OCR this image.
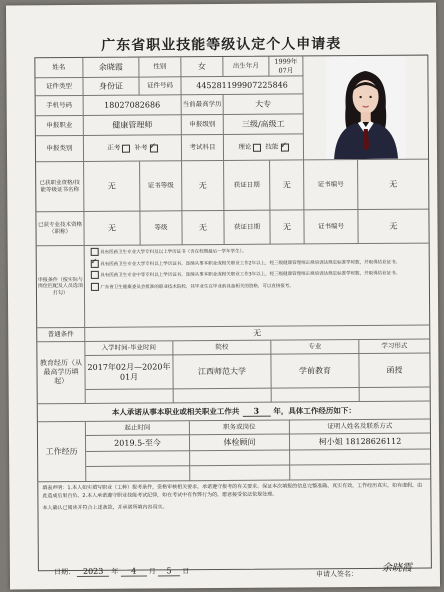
广东省职业技能等级认定个人申请表
姓名	余晓霞	性别	女	出生年月
1999年07月
证件类型	身份证	证件号码	445281199907225846
手机号码	18027082686	当前最高学历	大专
申报职业	健康管理师	申报级别	三级/高级工
申报类别	正考
补考
✓	考试科目	理论
技能
✓
已获职业资格/技能等级证书名称	无	证书等级	无	获证日期	无	证书编号	无
已获专业技术资格（职称）	无	等级	无	获证日期	无	证书编号	无
申报条件（按实际与岗位匹配及人员选项打勾）
具有医药卫生专业大学专科及以上学历证书（含在校期最后一学年学生）。
✓ 具有医药卫生专业大学专科以上学历证书，连续从事本职业或相关职业工作2年以上，经三级健康管理师正规培训达规定标准学时数，并取得结业证书。
具有医药卫生专业中等专科以上学历证书，连续从事本职业或相关职业工作3年以上，经三级健康管理师正规培训达规定标准学时数，并取得结业证书。
广东省卫生健康委员会批准的职业技术院校，其毕业生在毕业前具备相关的资格，可以直接报考。
普通条件	无
教育经历（从最高学历填起）
入学时间-毕业时间	院校	专业	学习形式
2017年02月—2020年01月
江西师范大学	学前教育	函授
本人承诺从事本职业或相关职业工作共	3	年，具体工作经历如下：
工作经历
起止时间	职务或岗位	证明人姓名及联系方式
2019.5-至今	体检顾问	柯小姐 18128626112
填表声明：1.本人如实填写职业（工种）报考条件，资格审核相关要求，承诺遵守报考的有关要求。保证本次填报的信息完整准确、真实有效，工作经历真实，如有虚假，由此造成后果自负。2.本人承诺遵守职业技能考试纪律，如在考试中有作弊行为的，愿意接受依法依规处理。
本人确认已阅读并符合上述条款，并承诺所填内容真实。
日期： 2023 年 4 月 5 日	申请人签名：
余晓霞
